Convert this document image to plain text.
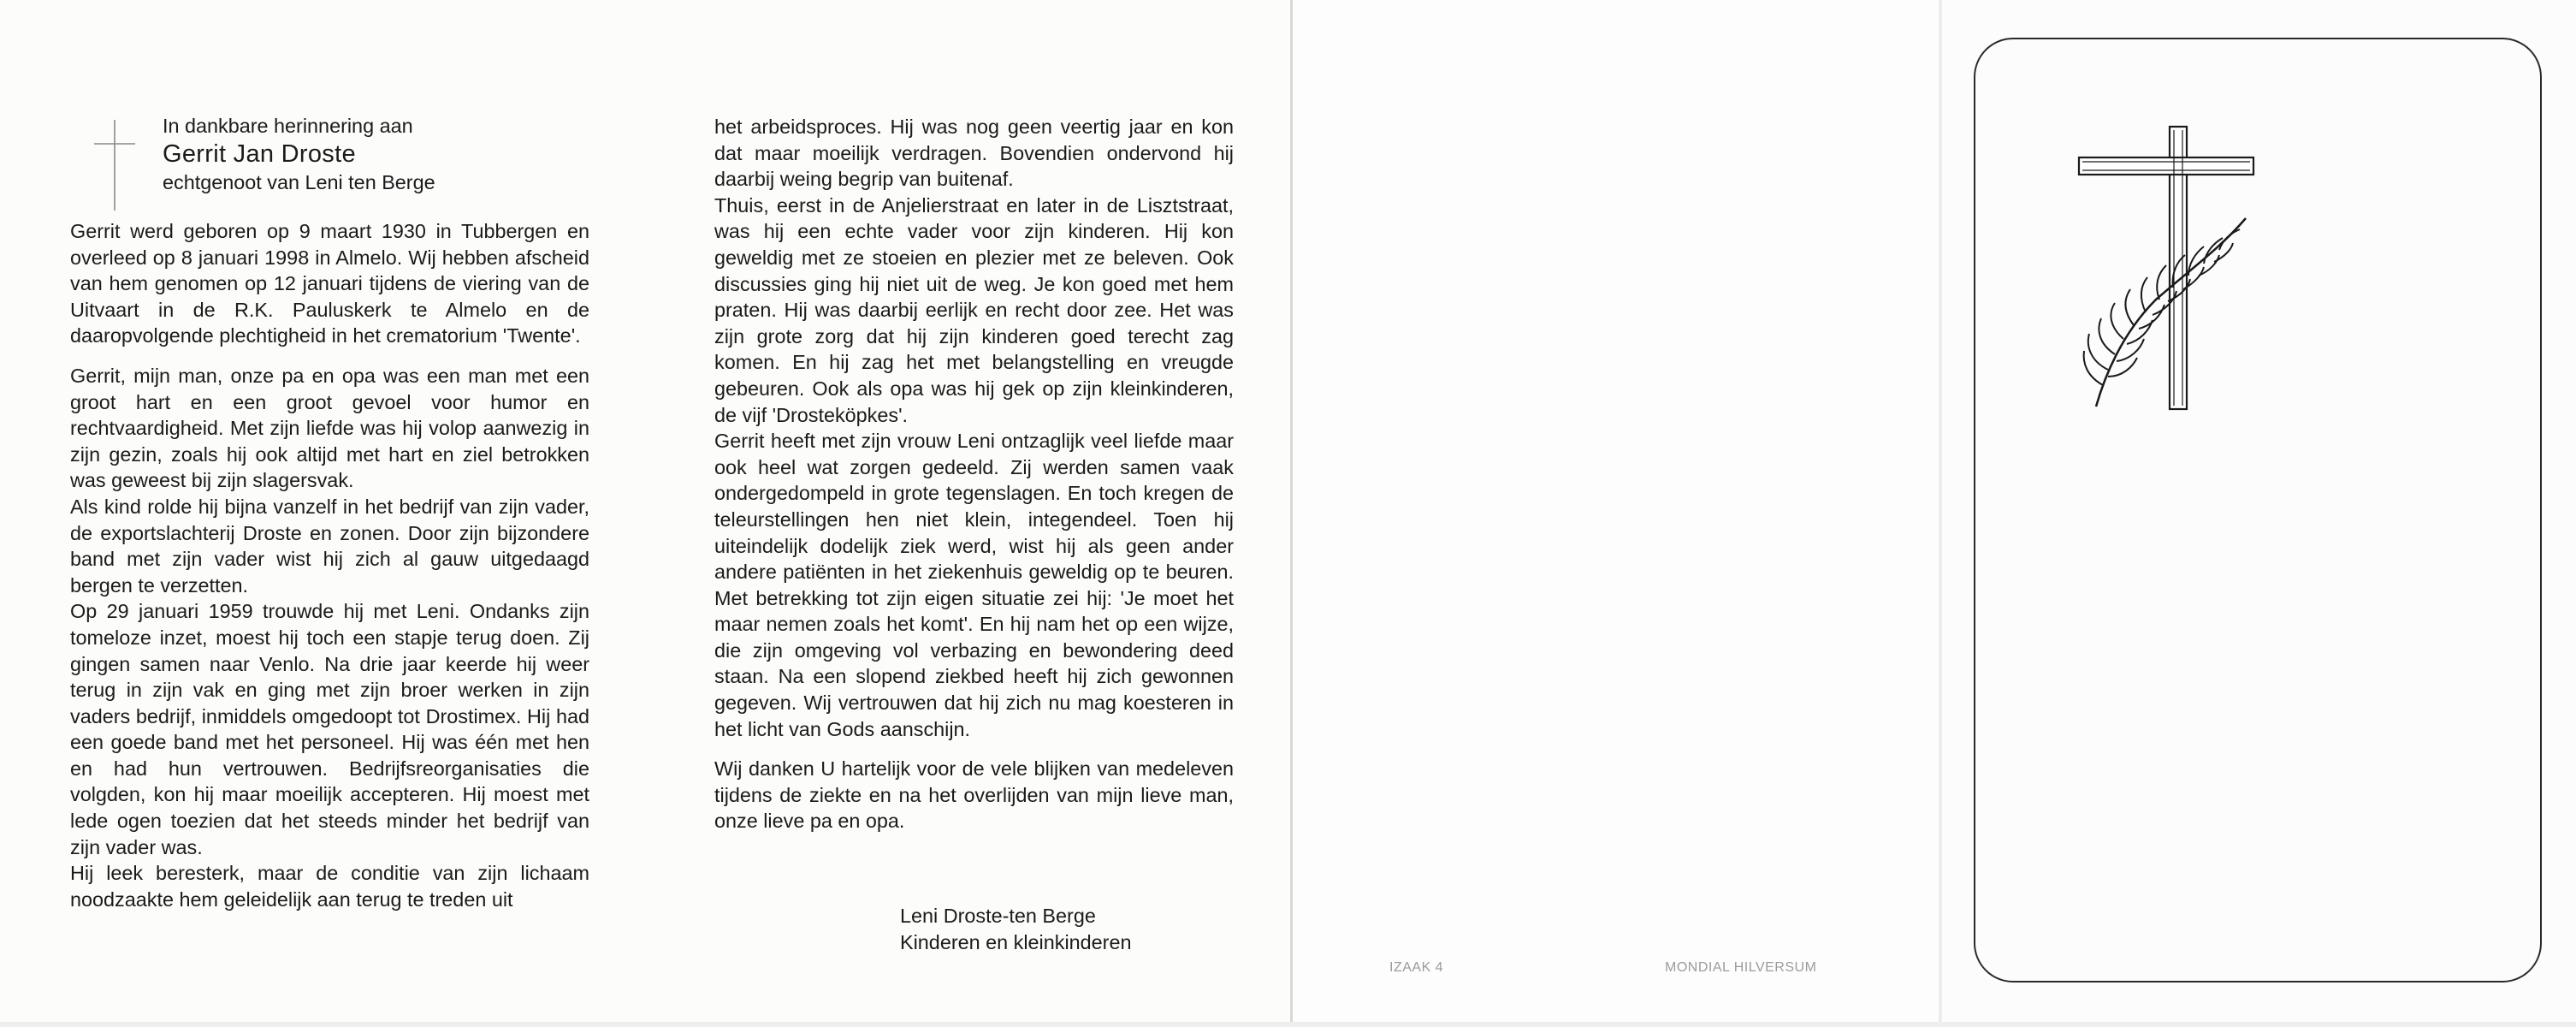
In dankbare herinnering aan
Gerrit Jan Droste
echtgenoot van Leni ten Berge

Gerrit werd geboren op 9 maart 1930 in Tubbergen en overleed op 8 januari 1998 in Almelo. Wij hebben afscheid van hem genomen op 12 januari tijdens de viering van de Uitvaart in de R.K. Pauluskerk te Almelo en de daaropvolgende plechtigheid in het crematorium 'Twente'.

Gerrit, mijn man, onze pa en opa was een man met een groot hart en een groot gevoel voor humor en rechtvaardigheid. Met zijn liefde was hij volop aanwezig in zijn gezin, zoals hij ook altijd met hart en ziel betrokken was geweest bij zijn slagersvak.

Als kind rolde hij bijna vanzelf in het bedrijf van zijn vader, de exportslachterij Droste en zonen. Door zijn bijzondere band met zijn vader wist hij zich al gauw uitgedaagd bergen te verzetten.

Op 29 januari 1959 trouwde hij met Leni. Ondanks zijn tomeloze inzet, moest hij toch een stapje terug doen. Zij gingen samen naar Venlo. Na drie jaar keerde hij weer terug in zijn vak en ging met zijn broer werken in zijn vaders bedrijf, inmiddels omgedoopt tot Drostimex. Hij had een goede band met het personeel. Hij was één met hen en had hun vertrouwen. Bedrijfsreorganisaties die volgden, kon hij maar moeilijk accepteren. Hij moest met lede ogen toezien dat het steeds minder het bedrijf van zijn vader was.

Hij leek beresterk, maar de conditie van zijn lichaam noodzaakte hem geleidelijk aan terug te treden uit

het arbeidsproces. Hij was nog geen veertig jaar en kon dat maar moeilijk verdragen. Bovendien ondervond hij daarbij weing begrip van buitenaf.

Thuis, eerst in de Anjelierstraat en later in de Lisztstraat, was hij een echte vader voor zijn kinderen. Hij kon geweldig met ze stoeien en plezier met ze beleven. Ook discussies ging hij niet uit de weg. Je kon goed met hem praten. Hij was daarbij eerlijk en recht door zee. Het was zijn grote zorg dat hij zijn kinderen goed terecht zag komen. En hij zag het met belangstelling en vreugde gebeuren. Ook als opa was hij gek op zijn kleinkinderen, de vijf 'Drosteköpkes'.

Gerrit heeft met zijn vrouw Leni ontzaglijk veel liefde maar ook heel wat zorgen gedeeld. Zij werden samen vaak ondergedompeld in grote tegenslagen. En toch kregen de teleurstellingen hen niet klein, integendeel. Toen hij uiteindelijk dodelijk ziek werd, wist hij als geen ander andere patiënten in het ziekenhuis geweldig op te beuren. Met betrekking tot zijn eigen situatie zei hij: 'Je moet het maar nemen zoals het komt'. En hij nam het op een wijze, die zijn omgeving vol verbazing en bewondering deed staan. Na een slopend ziekbed heeft hij zich gewonnen gegeven. Wij vertrouwen dat hij zich nu mag koesteren in het licht van Gods aanschijn.

Wij danken U hartelijk voor de vele blijken van medeleven tijdens de ziekte en na het overlijden van mijn lieve man, onze lieve pa en opa.

Leni Droste-ten Berge
Kinderen en kleinkinderen
IZAAK 4	MONDIAL HILVERSUM
